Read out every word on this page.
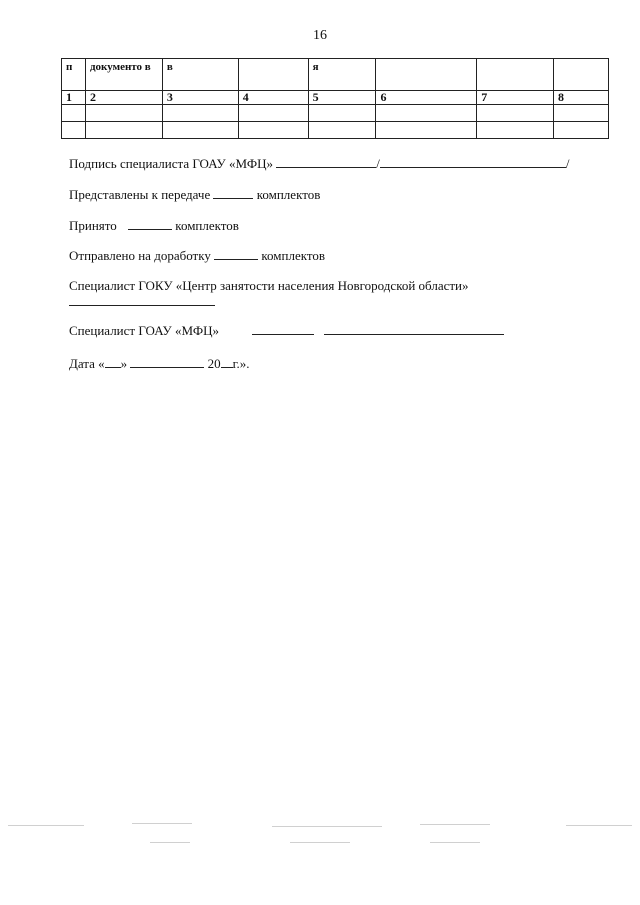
16
п	документо в	в		я			
1	2	3	4	5	6	7	8

Подпись специалиста ГОАУ «МФЦ»	/	/
Представлены к передаче	комплектов
Принято	комплектов
Отправлено на доработку	комплектов
Специалист ГОКУ «Центр занятости населения Новгородской области»
Специалист ГОАУ «МФЦ»
Дата « »	20 г.».
